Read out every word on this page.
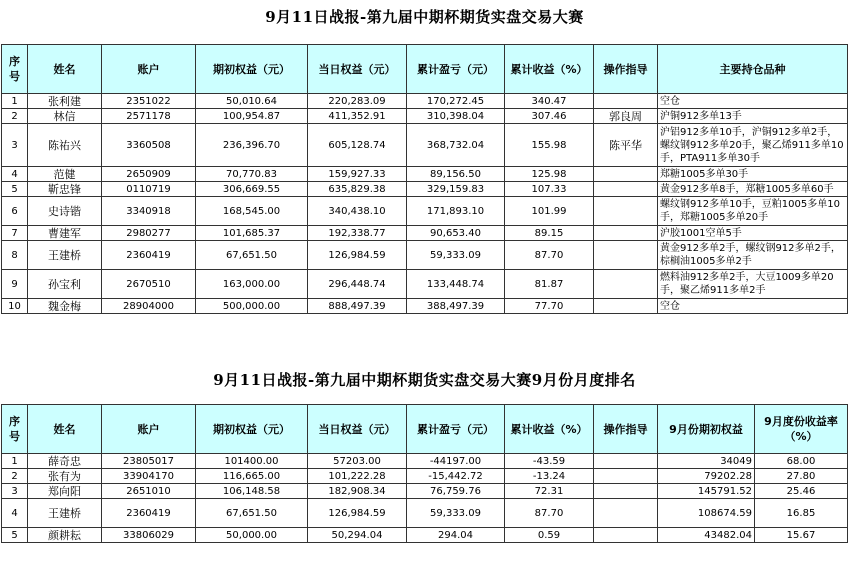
9月11日战报-第九届中期杯期货实盘交易大赛
序号	姓名	账户	期初权益（元）	当日权益（元）	累计盈亏（元）	累计收益（%）	操作指导	主要持仓品种
1	张利建	2351022	50,010.64	220,283.09	170,272.45	340.47		空仓
2	林信	2571178	100,954.87	411,352.91	310,398.04	307.46	郭良周	沪铜912多单13手
3	陈祐兴	3360508	236,396.70	605,128.74	368,732.04	155.98	陈平华	沪铝912多单10手，沪铜912多单2手，螺纹钢912多单20手，聚乙烯911多单10手，PTA911多单30手
4	范健	2650909	70,770.83	159,927.33	89,156.50	125.98		郑糖1005多单30手
5	靳忠锋	0110719	306,669.55	635,829.38	329,159.83	107.33		黄金912多单8手，郑糖1005多单60手
6	史诗锴	3340918	168,545.00	340,438.10	171,893.10	101.99		螺纹钢912多单10手，豆粕1005多单10手，郑糖1005多单20手
7	曹建军	2980277	101,685.37	192,338.77	90,653.40	89.15		沪胶1001空单5手
8	王建桥	2360419	67,651.50	126,984.59	59,333.09	87.70		黄金912多单2手，螺纹钢912多单2手，棕榈油1005多单2手
9	孙宝利	2670510	163,000.00	296,448.74	133,448.74	81.87		燃料油912多单2手，大豆1009多单20手，聚乙烯911多单2手
10	魏金梅	28904000	500,000.00	888,497.39	388,497.39	77.70		空仓
9月11日战报-第九届中期杯期货实盘交易大赛9月份月度排名
序号	姓名	账户	期初权益（元）	当日权益（元）	累计盈亏（元）	累计收益（%）	操作指导	9月份期初权益	9月度份收益率（%）
1	薛奇忠	23805017	101400.00	57203.00	-44197.00	-43.59		34049	68.00
2	张有为	33904170	116,665.00	101,222.28	-15,442.72	-13.24		79202.28	27.80
3	郑向阳	2651010	106,148.58	182,908.34	76,759.76	72.31		145791.52	25.46
4	王建桥	2360419	67,651.50	126,984.59	59,333.09	87.70		108674.59	16.85
5	颜耕耘	33806029	50,000.00	50,294.04	294.04	0.59		43482.04	15.67
